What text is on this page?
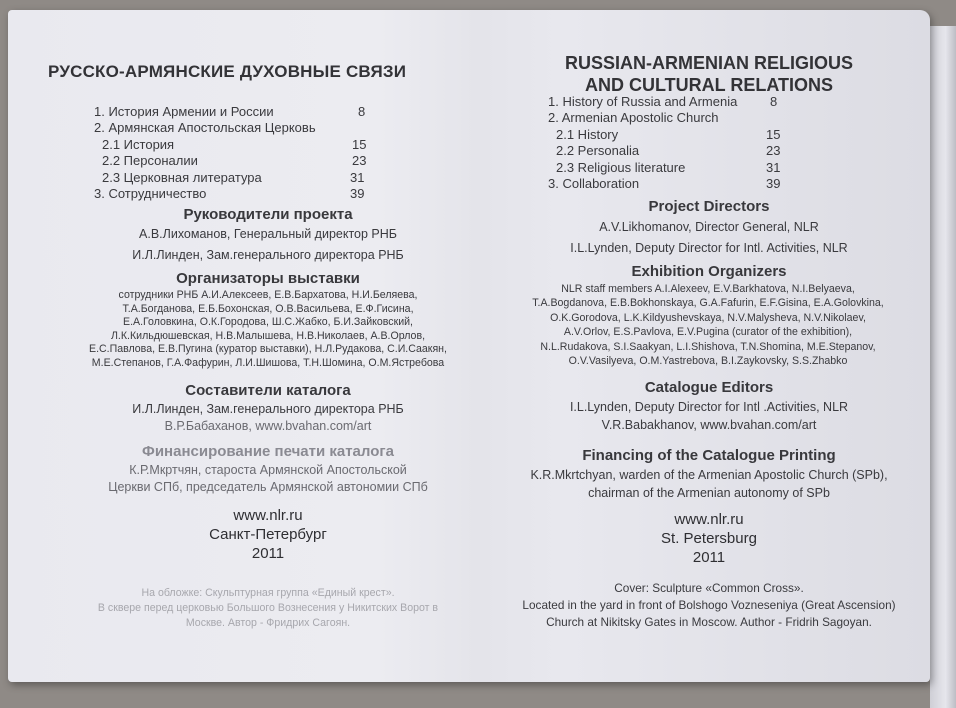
РУССКО-АРМЯНСКИЕ ДУХОВНЫЕ СВЯЗИ
1. История Армении и России	8
2. Армянская Апостольская Церковь
2.1 История	15
2.2 Персоналии	23
2.3 Церковная литература	31
3. Сотрудничество	39
Руководители проекта
А.В.Лихоманов, Генеральный директор РНБ
И.Л.Линден, Зам.генерального директора РНБ
Организаторы выставки
сотрудники РНБ А.И.Алексеев, Е.В.Бархатова, Н.И.Беляева,
Т.А.Богданова, Е.Б.Бохонская, О.В.Васильева, Е.Ф.Гисина,
Е.А.Головкина, О.К.Городова, Ш.С.Жабко, Б.И.Зайковский,
Л.К.Кильдюшевская, Н.В.Малышева, Н.В.Николаев, А.В.Орлов,
Е.С.Павлова, Е.В.Пугина (куратор выставки), Н.Л.Рудакова, С.И.Саакян,
М.Е.Степанов, Г.А.Фафурин, Л.И.Шишова, Т.Н.Шомина, О.М.Ястребова
Составители каталога
И.Л.Линден, Зам.генерального директора РНБ
В.Р.Бабаханов, www.bvahan.com/art
Финансирование печати каталога
К.Р.Мкртчян, староста Армянской Апостольской
Церкви СПб, председатель Армянской автономии СПб
www.nlr.ru
Санкт-Петербург
2011
На обложке: Скульптурная группа «Единый крест».
В сквере перед церковью Большого Вознесения у Никитских Ворот в
Москве. Автор - Фридрих Сагоян.
RUSSIAN-ARMENIAN RELIGIOUS
AND CULTURAL RELATIONS
1. History of Russia and Armenia	8
2. Armenian Apostolic Church
2.1 History	15
2.2 Personalia	23
2.3 Religious literature	31
3. Collaboration	39
Project Directors
A.V.Likhomanov, Director General, NLR
I.L.Lynden, Deputy Director for Intl. Activities, NLR
Exhibition Organizers
NLR staff members A.I.Alexeev, E.V.Barkhatova, N.I.Belyaeva,
T.A.Bogdanova, E.B.Bokhonskaya, G.A.Fafurin, E.F.Gisina, E.A.Golovkina,
O.K.Gorodova, L.K.Kildyushevskaya, N.V.Malysheva, N.V.Nikolaev,
A.V.Orlov, E.S.Pavlova, E.V.Pugina (curator of the exhibition),
N.L.Rudakova, S.I.Saakyan, L.I.Shishova, T.N.Shomina, M.E.Stepanov,
O.V.Vasilyeva, O.M.Yastrebova, B.I.Zaykovsky, S.S.Zhabko
Catalogue Editors
I.L.Lynden, Deputy Director for Intl .Activities, NLR
V.R.Babakhanov, www.bvahan.com/art
Financing of the Catalogue Printing
K.R.Mkrtchyan, warden of the Armenian Apostolic Church (SPb),
chairman of the Armenian autonomy of SPb
www.nlr.ru
St. Petersburg
2011
Cover: Sculpture «Common Cross».
Located in the yard in front of Bolshogo Vozneseniya (Great Ascension)
Church at Nikitsky Gates in Moscow. Author - Fridrih Sagoyan.
